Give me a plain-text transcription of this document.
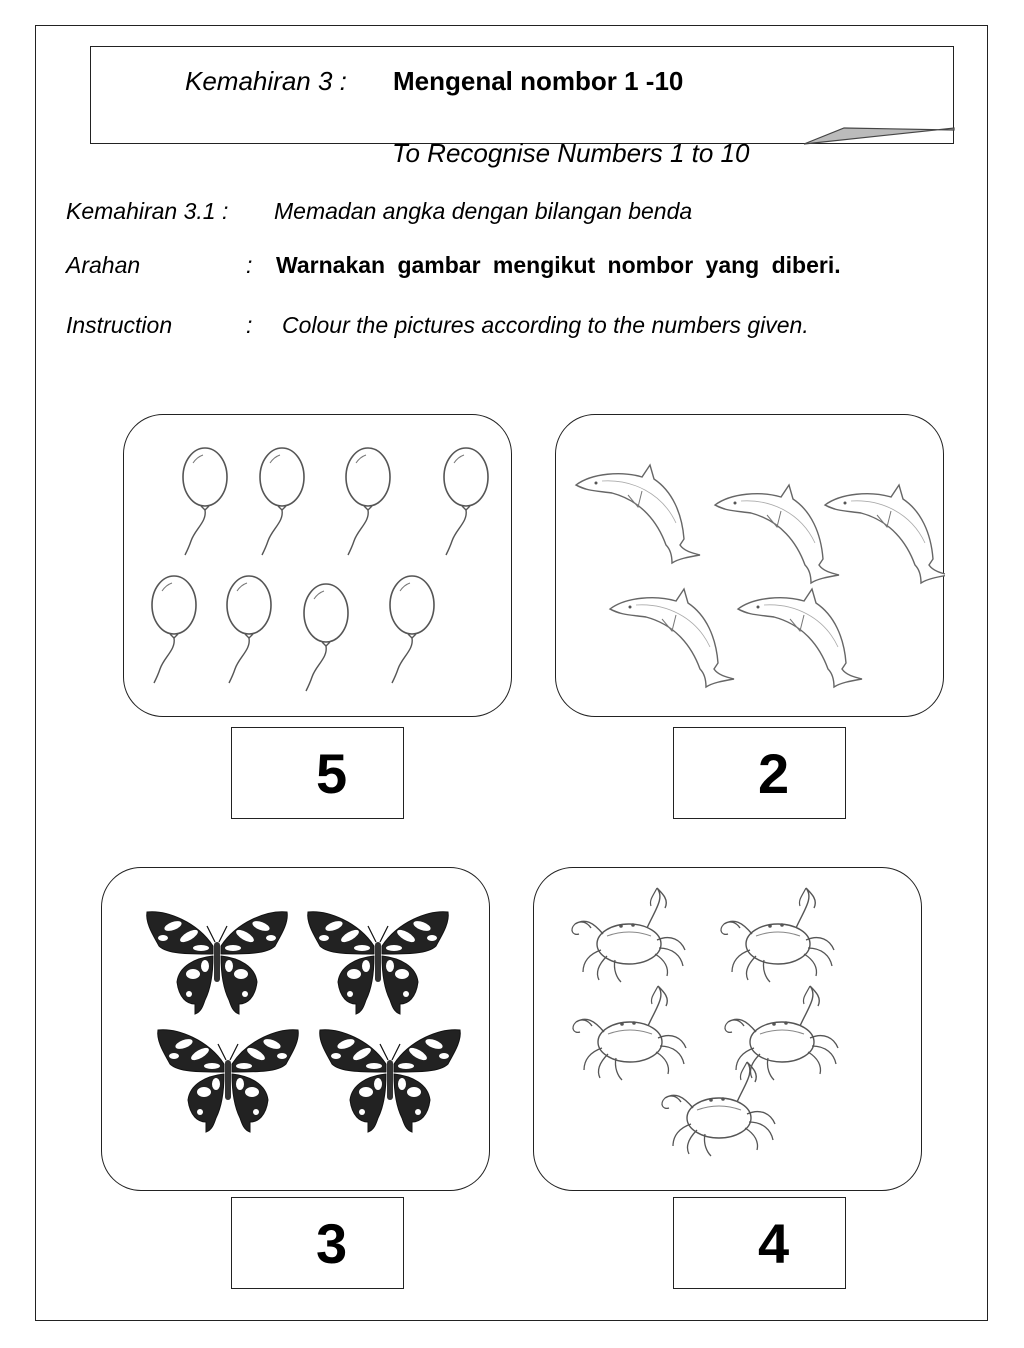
Kemahiran 3 : Mengenal nombor 1 -10
To Recognise Numbers 1 to 10
Kemahiran 3.1 : Memadan angka dengan bilangan benda
Arahan	: Warnakan gambar mengikut nombor yang diberi.
Instruction	: Colour the pictures according to the numbers given.
5	2
3	4
